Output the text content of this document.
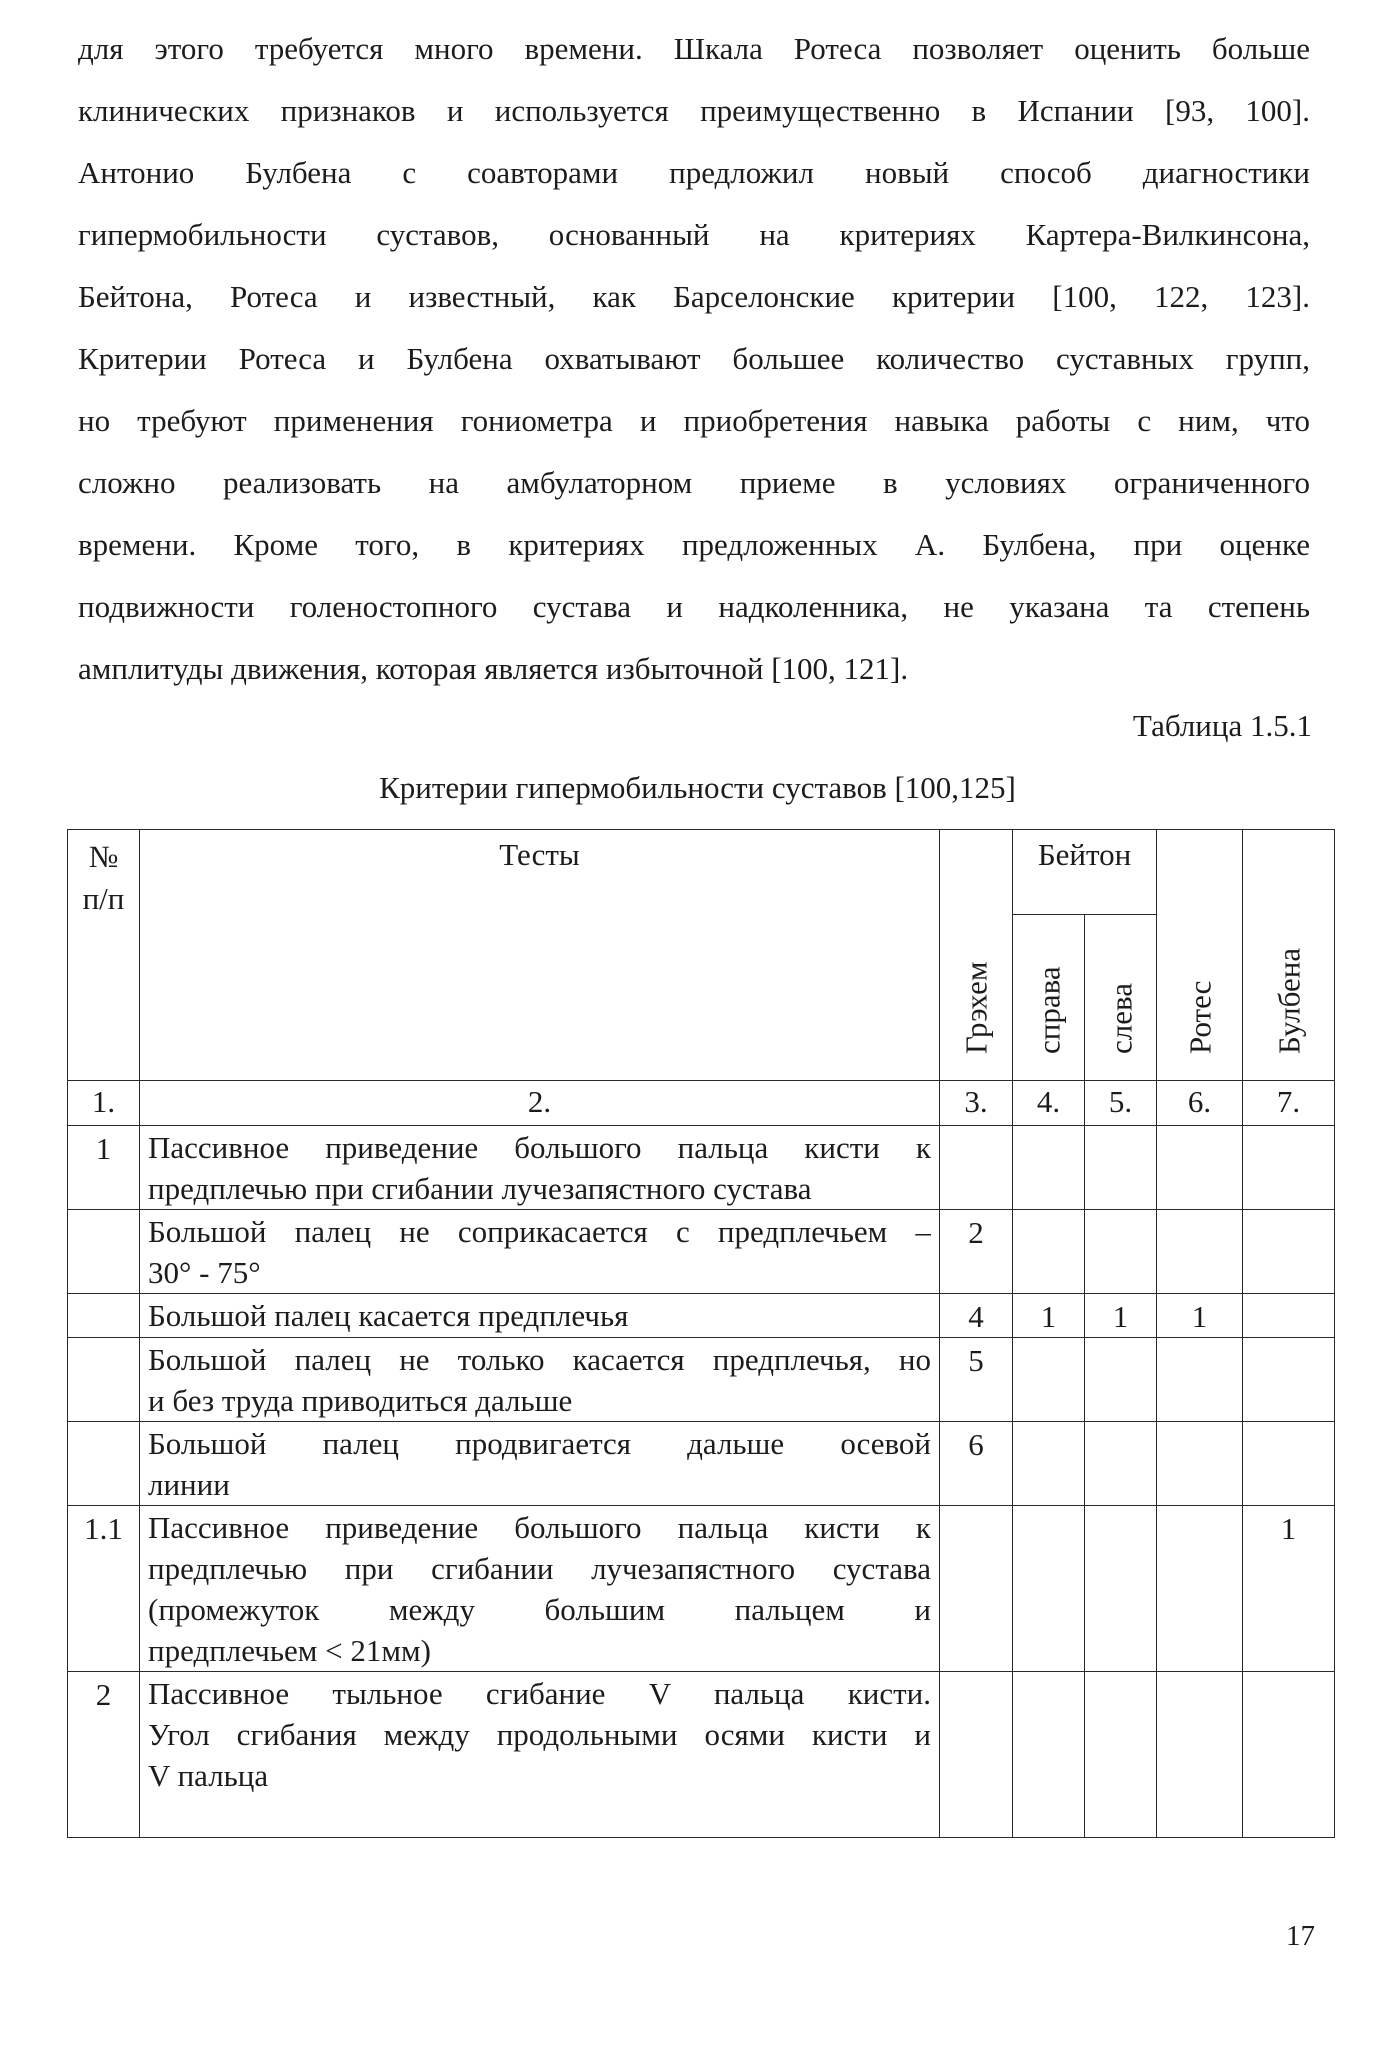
для этого требуется много времени. Шкала Ротеса позволяет оценить больше
клинических признаков и используется преимущественно в Испании [93, 100].
Антонио Булбена с соавторами предложил новый способ диагностики
гипермобильности суставов, основанный на критериях Картера-Вилкинсона,
Бейтона, Ротеса и известный, как Барселонские критерии [100, 122, 123].
Критерии Ротеса и Булбена охватывают большее количество суставных групп,
но требуют применения гониометра и приобретения навыка работы с ним, что
сложно реализовать на амбулаторном приеме в условиях ограниченного
времени. Кроме того, в критериях предложенных А. Булбена, при оценке
подвижности голеностопного сустава и надколенника, не указана та степень
амплитуды движения, которая является избыточной [100, 121].
Таблица 1.5.1
Критерии гипермобильности суставов [100,125]
№
п/п	Тесты	Грэхем	Бейтон		Ротес	Булбена

			справа	слева		

1.	2.	3.	4.	5.	6.	7.
1	Пассивное приведение большого пальца кисти к
предплечью при сгибании лучезапястного сустава					

	Большой палец не соприкасается с предплечьем –
30° - 75°	2				

	Большой палец касается предплечья	4	1	1	1	

	Большой палец не только касается предплечья, но
и без труда приводиться дальше	5				

	Большой палец продвигается дальше осевой
линии	6				
1.1	Пассивное приведение большого пальца кисти к
предплечью при сгибании лучезапястного сустава
(промежуток между большим пальцем и
предплечьем < 21мм)					1
2	Пассивное тыльное сгибание V пальца кисти.
Угол сгибания между продольными осями кисти и
V пальца					

17
